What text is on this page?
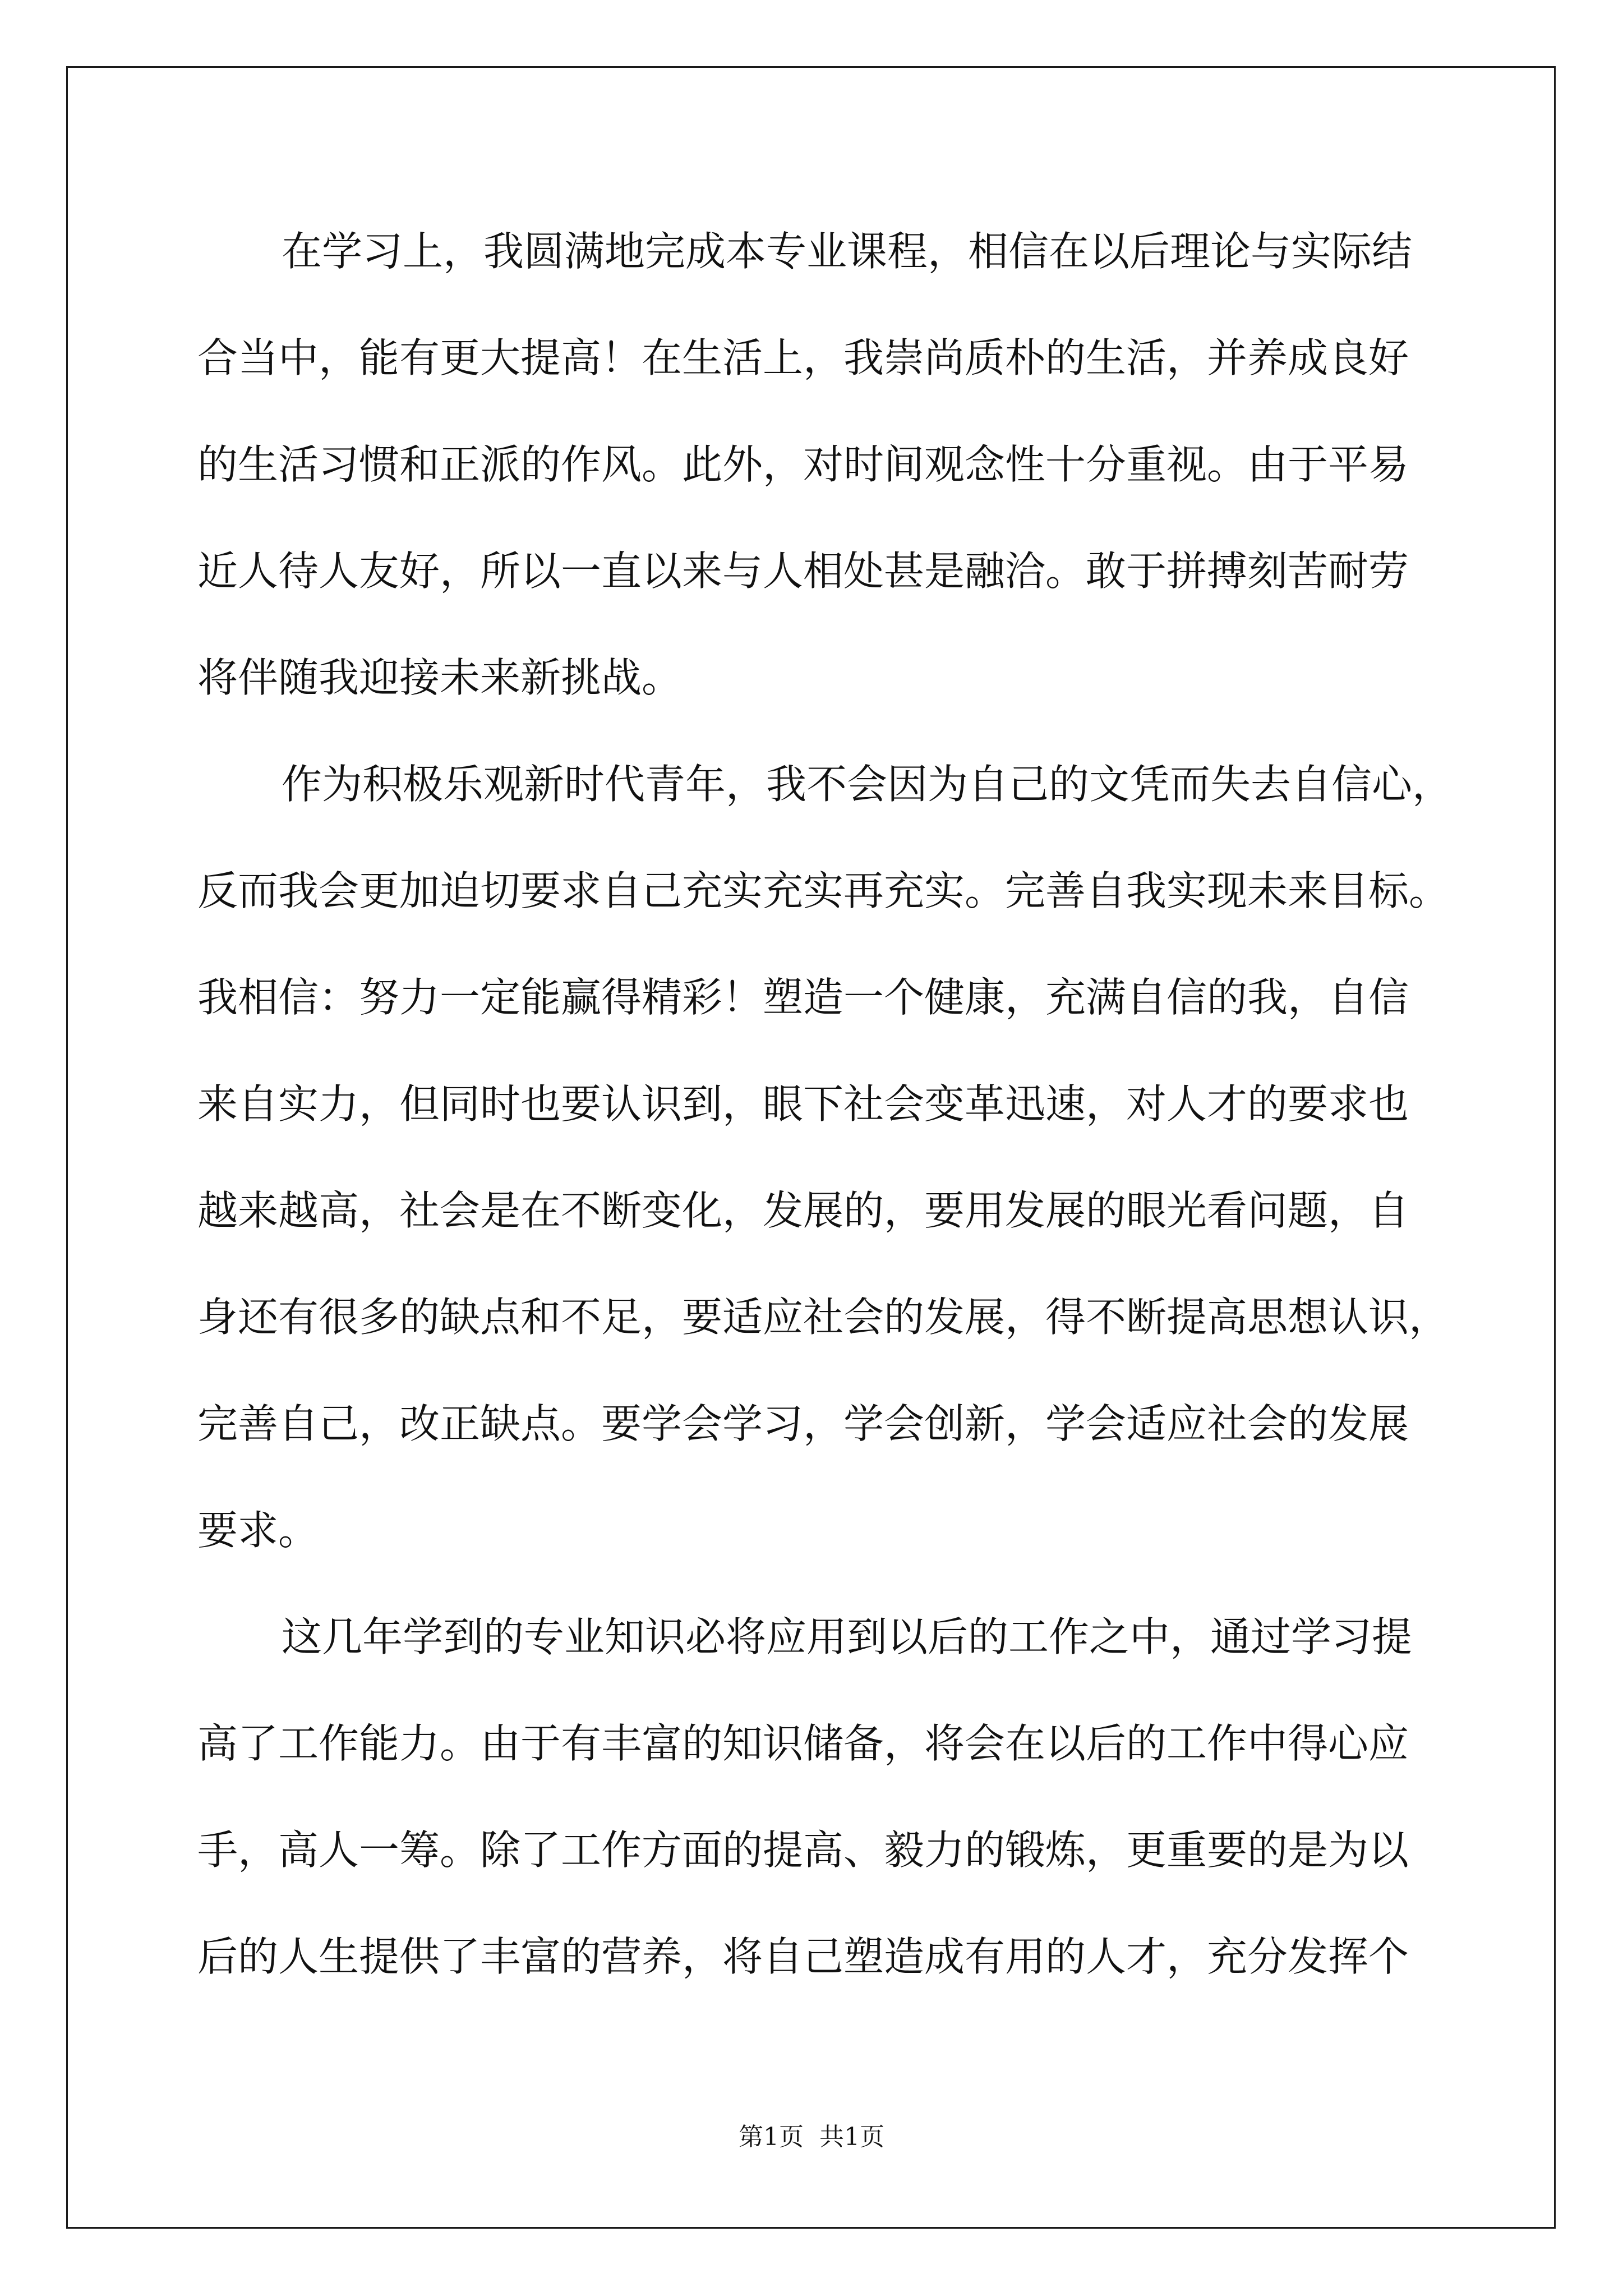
在学习上，我圆满地完成本专业课程，相信在以后理论与实际结
合当中，能有更大提高！在生活上，我崇尚质朴的生活，并养成良好
的生活习惯和正派的作风。此外，对时间观念性十分重视。由于平易
近人待人友好，所以一直以来与人相处甚是融洽。敢于拼搏刻苦耐劳
将伴随我迎接未来新挑战。
作为积极乐观新时代青年，我不会因为自己的文凭而失去自信心，
反而我会更加迫切要求自己充实充实再充实。完善自我实现未来目标。
我相信：努力一定能赢得精彩！塑造一个健康，充满自信的我，自信
来自实力，但同时也要认识到，眼下社会变革迅速，对人才的要求也
越来越高，社会是在不断变化，发展的，要用发展的眼光看问题，自
身还有很多的缺点和不足，要适应社会的发展，得不断提高思想认识，
完善自己，改正缺点。要学会学习，学会创新，学会适应社会的发展
要求。
这几年学到的专业知识必将应用到以后的工作之中，通过学习提
高了工作能力。由于有丰富的知识储备，将会在以后的工作中得心应
手，高人一筹。除了工作方面的提高、毅力的锻炼，更重要的是为以
后的人生提供了丰富的营养，将自己塑造成有用的人才，充分发挥个
第1页 共1页
